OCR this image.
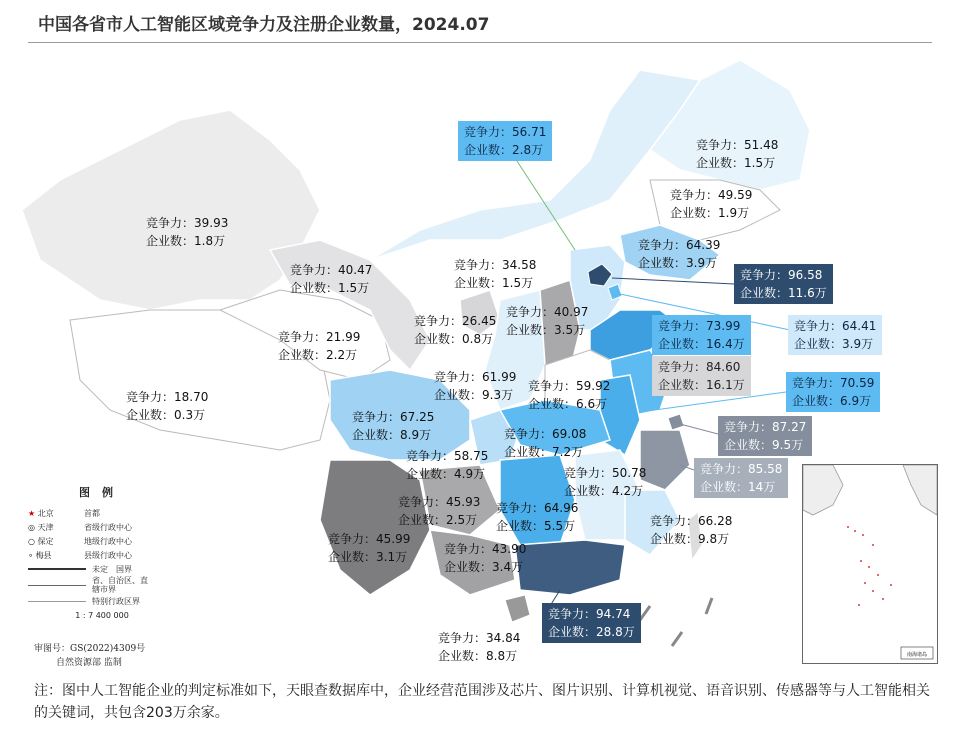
中国各省市人工智能区域竞争力及注册企业数量，2024.07
竞争力：51.48
企业数：1.5万
竞争力：49.59
企业数：1.9万
竞争力：64.39
企业数：3.9万
竞争力：56.71
企业数：2.8万
竞争力：96.58
企业数：11.6万
竞争力：73.99
企业数：16.4万
竞争力：64.41
企业数：3.9万
竞争力：84.60
企业数：16.1万
竞争力：40.97
企业数：3.5万
竞争力：39.93
企业数：1.8万
竞争力：40.47
企业数：1.5万
竞争力：34.58
企业数：1.5万
竞争力：21.99
企业数：2.2万
竞争力：26.45
企业数：0.8万
竞争力：61.99
企业数：9.3万
竞争力：59.92
企业数：6.6万
竞争力：70.59
企业数：6.9万
竞争力：18.70
企业数：0.3万	竞争力：67.25
企业数：8.9万	竞争力：69.08
企业数：7.2万
竞争力：87.27
企业数：9.5万
竞争力：58.75
企业数：4.9万	竞争力：50.78
企业数：4.2万
竞争力：85.58
企业数：14万
竞争力：45.93
企业数：2.5万
竞争力：64.96
企业数：5.5万	竞争力：66.28
企业数：9.8万
竞争力：45.99
企业数：3.1万
竞争力：43.90
企业数：3.4万
竞争力：94.74
企业数：28.8万
竞争力：34.84
企业数：8.8万
图例
★ 北京	首都
◎ 天津	省级行政中心
○ 保定	地级行政中心
∘ 梅县	县级行政中心
未定 国界
省、自治区、直辖市界
特别行政区界
1 : 7 400 000
审图号：GS(2022)4309号
自然资源部 监制
南海诸岛
注：图中人工智能企业的判定标准如下，天眼查数据库中，企业经营范围涉及芯片、图片识别、计算机视觉、语音识别、传感器等与人工智能相关的关键词，共包含203万余家。
